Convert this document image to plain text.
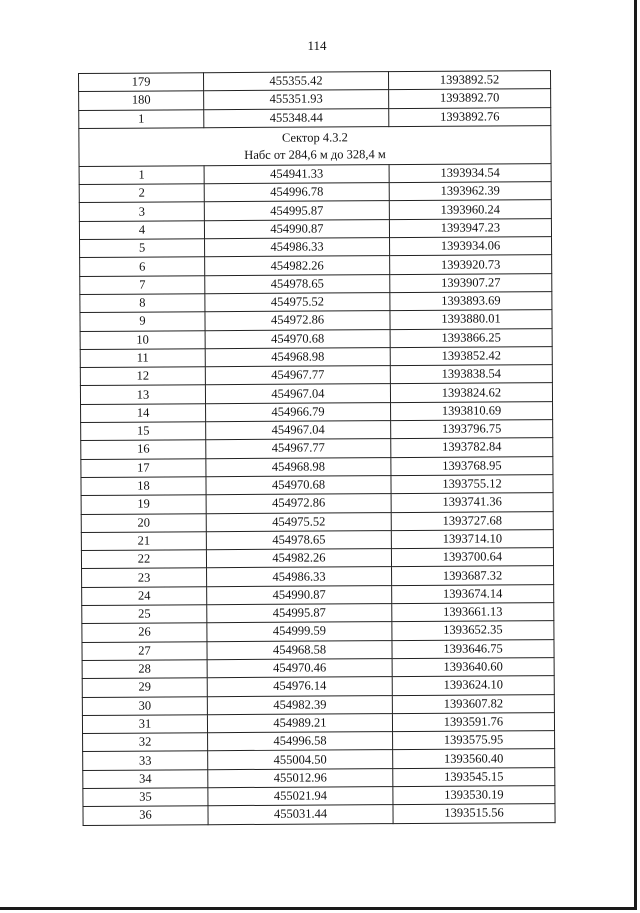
114
179	455355.42	1393892.52
180	455351.93	1393892.70
1	455348.44	1393892.76

Сектор 4.3.2
Набс от 284,6 м до 328,4 м		

1	454941.33	1393934.54
2	454996.78	1393962.39
3	454995.87	1393960.24
4	454990.87	1393947.23
5	454986.33	1393934.06
6	454982.26	1393920.73
7	454978.65	1393907.27
8	454975.52	1393893.69
9	454972.86	1393880.01
10	454970.68	1393866.25
11	454968.98	1393852.42
12	454967.77	1393838.54
13	454967.04	1393824.62
14	454966.79	1393810.69
15	454967.04	1393796.75
16	454967.77	1393782.84
17	454968.98	1393768.95
18	454970.68	1393755.12
19	454972.86	1393741.36
20	454975.52	1393727.68
21	454978.65	1393714.10
22	454982.26	1393700.64
23	454986.33	1393687.32
24	454990.87	1393674.14
25	454995.87	1393661.13
26	454999.59	1393652.35
27	454968.58	1393646.75
28	454970.46	1393640.60
29	454976.14	1393624.10
30	454982.39	1393607.82
31	454989.21	1393591.76
32	454996.58	1393575.95
33	455004.50	1393560.40
34	455012.96	1393545.15
35	455021.94	1393530.19
36	455031.44	1393515.56
